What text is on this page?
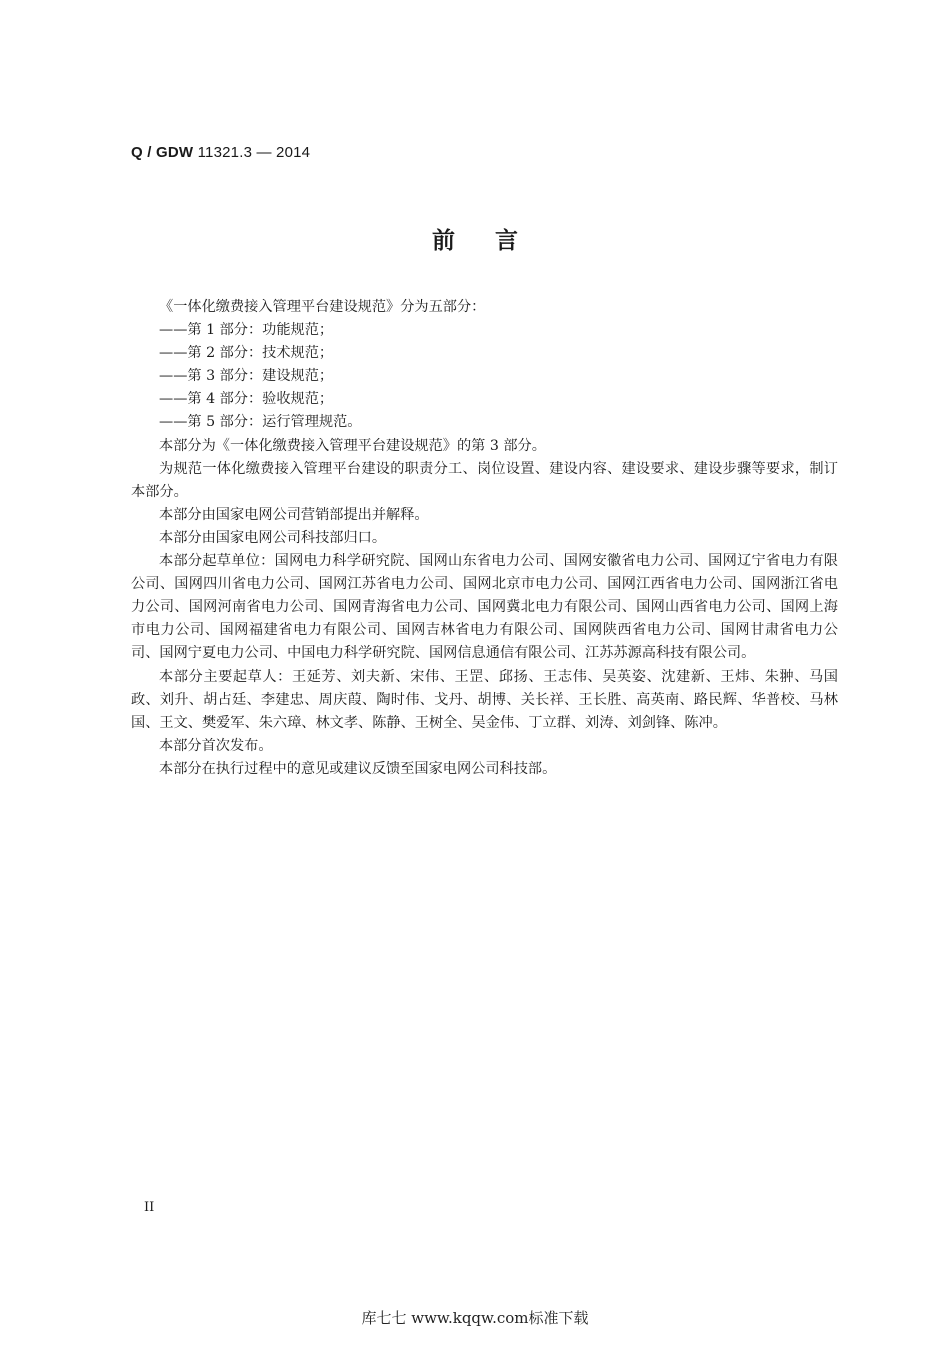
Q / GDW 11321.3 — 2014
前言

《一体化缴费接入管理平台建设规范》分为五部分：

——第 1 部分：功能规范；

——第 2 部分：技术规范；

——第 3 部分：建设规范；

——第 4 部分：验收规范；

——第 5 部分：运行管理规范。

本部分为《一体化缴费接入管理平台建设规范》的第 3 部分。

为规范一体化缴费接入管理平台建设的职责分工、岗位设置、建设内容、建设要求、建设步骤等要求，制订本部分。

本部分由国家电网公司营销部提出并解释。

本部分由国家电网公司科技部归口。

本部分起草单位：国网电力科学研究院、国网山东省电力公司、国网安徽省电力公司、国网辽宁省电力有限公司、国网四川省电力公司、国网江苏省电力公司、国网北京市电力公司、国网江西省电力公司、国网浙江省电力公司、国网河南省电力公司、国网青海省电力公司、国网冀北电力有限公司、国网山西省电力公司、国网上海市电力公司、国网福建省电力有限公司、国网吉林省电力有限公司、国网陕西省电力公司、国网甘肃省电力公司、国网宁夏电力公司、中国电力科学研究院、国网信息通信有限公司、江苏苏源高科技有限公司。

本部分主要起草人：王延芳、刘夫新、宋伟、王罡、邱扬、王志伟、吴英姿、沈建新、王炜、朱翀、马国政、刘升、胡占廷、李建忠、周庆葭、陶时伟、戈丹、胡博、关长祥、王长胜、高英南、路民辉、华普校、马林国、王文、樊爱军、朱六璋、林文孝、陈静、王树全、吴金伟、丁立群、刘涛、刘剑锋、陈冲。

本部分首次发布。

本部分在执行过程中的意见或建议反馈至国家电网公司科技部。

II
库七七 www.kqqw.com标准下载
